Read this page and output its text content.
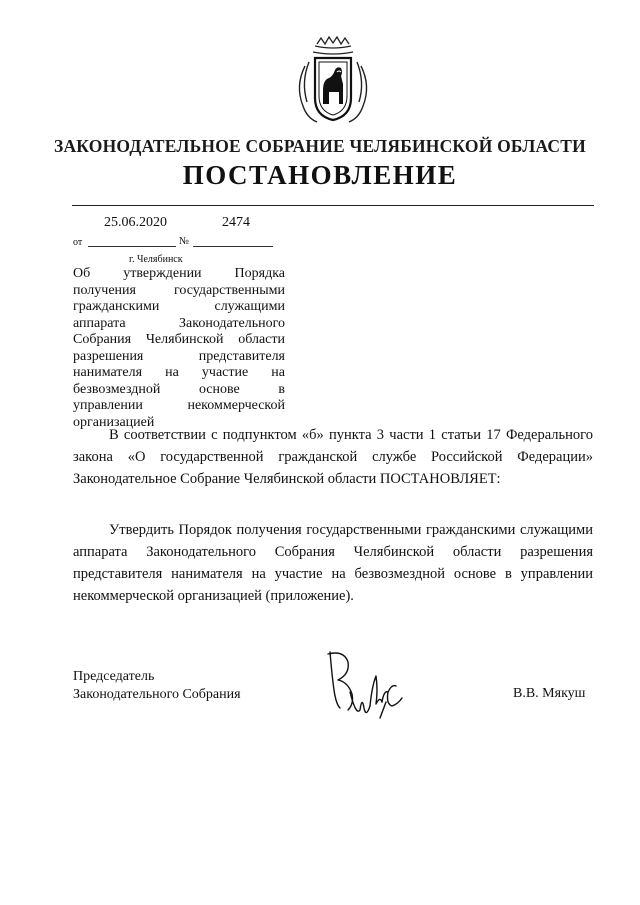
ЗАКОНОДАТЕЛЬНОЕ СОБРАНИЕ ЧЕЛЯБИНСКОЙ ОБЛАСТИ
ПОСТАНОВЛЕНИЕ
25.06.2020	2474
от	№
г. Челябинск
Об утверждении Порядка получения государственными гражданскими служащими аппарата Законодательного Собрания Челябинской области разрешения представителя нанимателя на участие на безвозмездной основе в управлении некоммерческой организацией
В соответствии с подпунктом «б» пункта 3 части 1 статьи 17 Федерального закона «О государственной гражданской службе Российской Федерации» Законодательное Собрание Челябинской области ПОСТАНОВЛЯЕТ:
Утвердить Порядок получения государственными гражданскими служащими аппарата Законодательного Собрания Челябинской области разрешения представителя нанимателя на участие на безвозмездной основе в управлении некоммерческой организацией (приложение).
Председатель
Законодательного Собрания	В.В. Мякуш
